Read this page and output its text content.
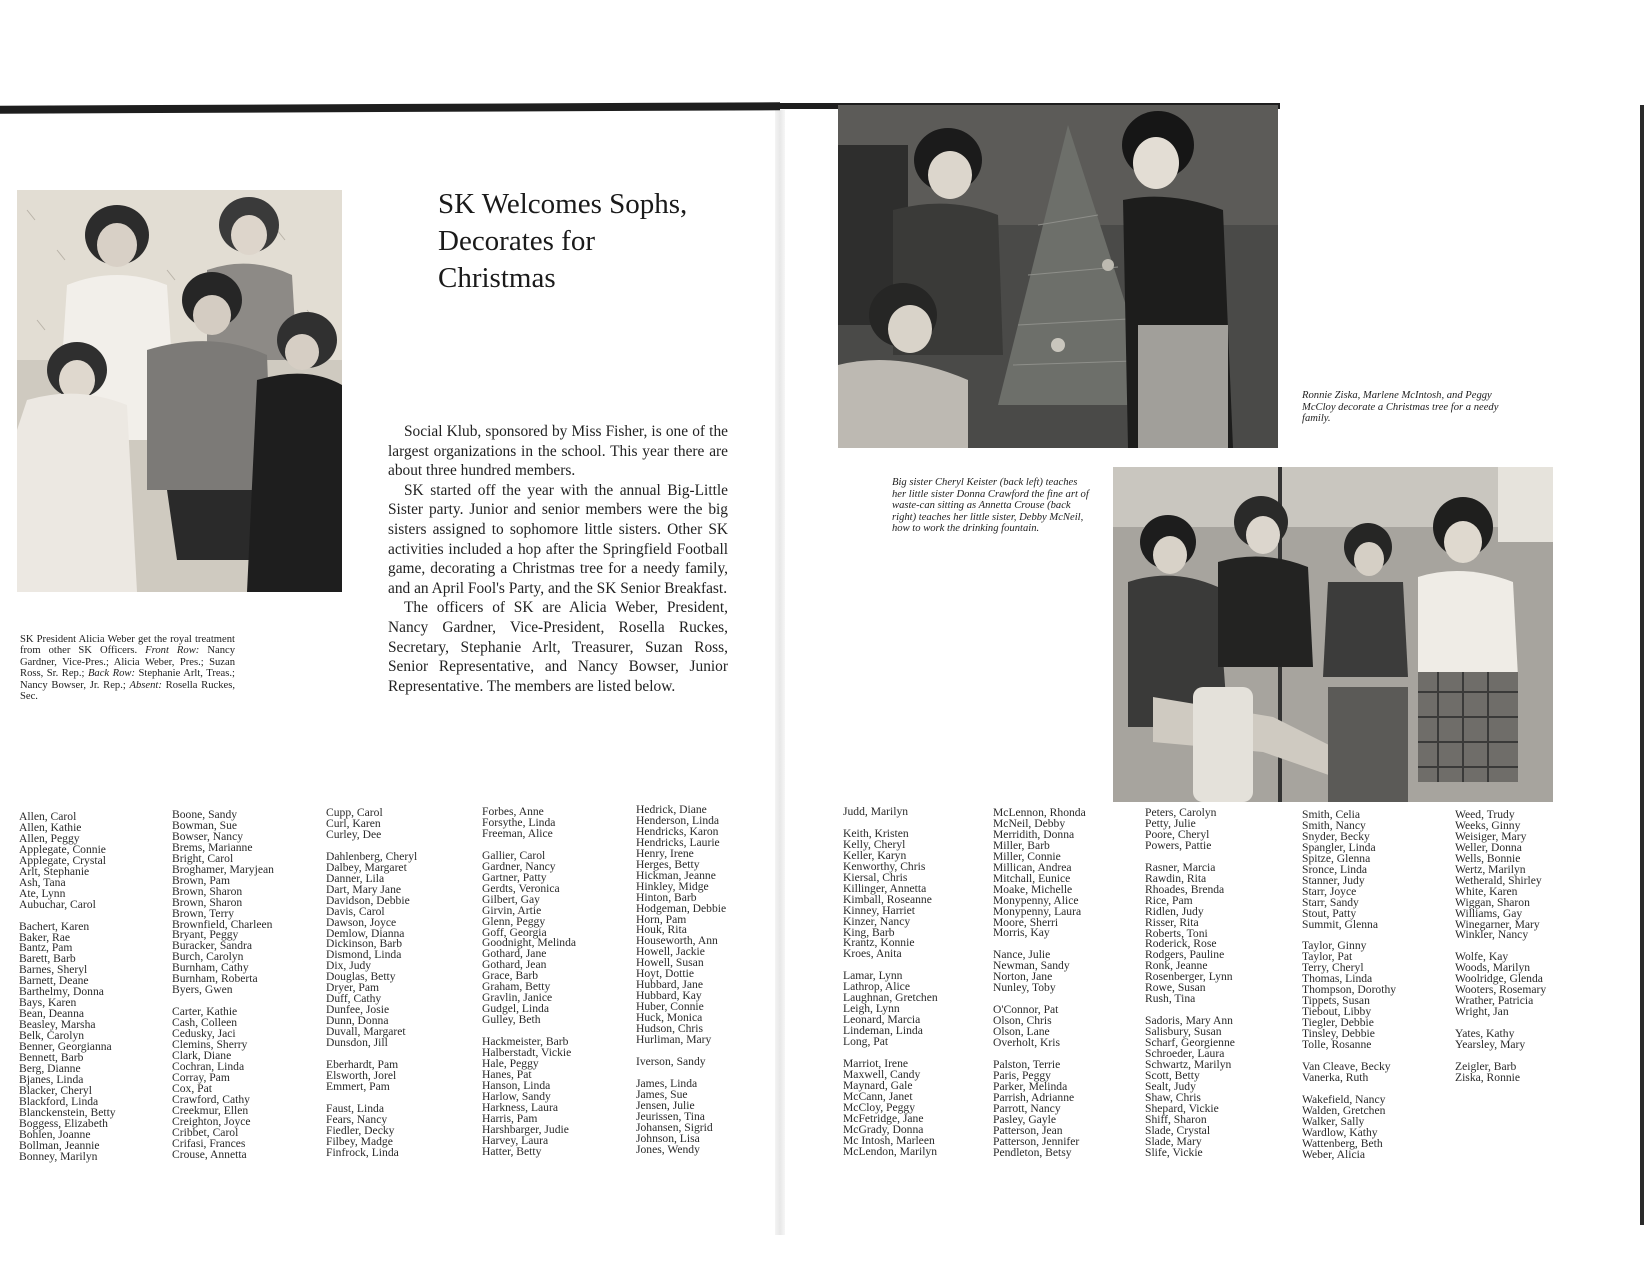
SK Welcomes Sophs,
Decorates for
Christmas

Social Klub, sponsored by Miss Fisher, is one of the largest organizations in the school. This year there are about three hundred members.

SK started off the year with the annual Big-Little Sister party. Junior and senior members were the big sisters assigned to sophomore little sisters. Other SK activities included a hop after the Springfield Football game, decorating a Christmas tree for a needy family, and an April Fool's Party, and the SK Senior Breakfast.

The officers of SK are Alicia Weber, President, Nancy Gardner, Vice-President, Rosella Ruckes, Secretary, Stephanie Arlt, Treasurer, Suzan Ross, Senior Representative, and Nancy Bowser, Junior Representative. The members are listed below.

SK President Alicia Weber get the royal treatment from other SK Officers. Front Row: Nancy Gardner, Vice-Pres.; Alicia Weber, Pres.; Suzan Ross, Sr. Rep.; Back Row: Stephanie Arlt, Treas.; Nancy Bowser, Jr. Rep.; Absent: Rosella Ruckes, Sec.
Ronnie Ziska, Marlene McIntosh, and Peggy McCloy decorate a Christmas tree for a needy family.
Big sister Cheryl Keister (back left) teaches her little sister Donna Crawford the fine art of waste-can sitting as Annetta Crouse (back right) teaches her little sister, Debby McNeil, how to work the drinking fountain.
Allen, Carol
Allen, Kathie
Allen, Peggy
Applegate, Connie
Applegate, Crystal
Arlt, Stephanie
Ash, Tana
Ate, Lynn
Aubuchar, Carol
Bachert, Karen
Baker, Rae
Bantz, Pam
Barett, Barb
Barnes, Sheryl
Barnett, Deane
Barthelmy, Donna
Bays, Karen
Bean, Deanna
Beasley, Marsha
Belk, Carolyn
Benner, Georgianna
Bennett, Barb
Berg, Dianne
Bjanes, Linda
Blacker, Cheryl
Blackford, Linda
Blanckenstein, Betty
Boggess, Elizabeth
Bohlen, Joanne
Bollman, Jeannie
Bonney, Marilyn
Boone, Sandy
Bowman, Sue
Bowser, Nancy
Brems, Marianne
Bright, Carol
Broghamer, Maryjean
Brown, Pam
Brown, Sharon
Brown, Sharon
Brown, Terry
Brownfield, Charleen
Bryant, Peggy
Buracker, Sandra
Burch, Carolyn
Burnham, Cathy
Burnham, Roberta
Byers, Gwen
Carter, Kathie
Cash, Colleen
Cedusky, Jaci
Clemins, Sherry
Clark, Diane
Cochran, Linda
Corray, Pam
Cox, Pat
Crawford, Cathy
Creekmur, Ellen
Creighton, Joyce
Cribbet, Carol
Crifasi, Frances
Crouse, Annetta
Cupp, Carol
Curl, Karen
Curley, Dee
Dahlenberg, Cheryl
Dalbey, Margaret
Danner, Lila
Dart, Mary Jane
Davidson, Debbie
Davis, Carol
Dawson, Joyce
Demlow, Dianna
Dickinson, Barb
Dismond, Linda
Dix, Judy
Douglas, Betty
Dryer, Pam
Duff, Cathy
Dunfee, Josie
Dunn, Donna
Duvall, Margaret
Dunsdon, Jill
Eberhardt, Pam
Elsworth, Jorel
Emmert, Pam
Faust, Linda
Fears, Nancy
Fiedler, Decky
Filbey, Madge
Finfrock, Linda
Forbes, Anne
Forsythe, Linda
Freeman, Alice
Gallier, Carol
Gardner, Nancy
Gartner, Patty
Gerdts, Veronica
Gilbert, Gay
Girvin, Artie
Glenn, Peggy
Goff, Georgia
Goodnight, Melinda
Gothard, Jane
Gothard, Jean
Grace, Barb
Graham, Betty
Gravlin, Janice
Gudgel, Linda
Gulley, Beth
Hackmeister, Barb
Halberstadt, Vickie
Hale, Peggy
Hanes, Pat
Hanson, Linda
Harlow, Sandy
Harkness, Laura
Harris, Pam
Harshbarger, Judie
Harvey, Laura
Hatter, Betty
Hedrick, Diane
Henderson, Linda
Hendricks, Karon
Hendricks, Laurie
Henry, Irene
Herges, Betty
Hickman, Jeanne
Hinkley, Midge
Hinton, Barb
Hodgeman, Debbie
Horn, Pam
Houk, Rita
Houseworth, Ann
Howell, Jackie
Howell, Susan
Hoyt, Dottie
Hubbard, Jane
Hubbard, Kay
Huber, Connie
Huck, Monica
Hudson, Chris
Hurliman, Mary
Iverson, Sandy
James, Linda
James, Sue
Jensen, Julie
Jeurissen, Tina
Johansen, Sigrid
Johnson, Lisa
Jones, Wendy
Judd, Marilyn
Keith, Kristen
Kelly, Cheryl
Keller, Karyn
Kenworthy, Chris
Kiersal, Chris
Killinger, Annetta
Kimball, Roseanne
Kinney, Harriet
Kinzer, Nancy
King, Barb
Krantz, Konnie
Kroes, Anita
Lamar, Lynn
Lathrop, Alice
Laughnan, Gretchen
Leigh, Lynn
Leonard, Marcia
Lindeman, Linda
Long, Pat
Marriot, Irene
Maxwell, Candy
Maynard, Gale
McCann, Janet
McCloy, Peggy
McFetridge, Jane
McGrady, Donna
Mc Intosh, Marleen
McLendon, Marilyn
McLennon, Rhonda
McNeil, Debby
Merridith, Donna
Miller, Barb
Miller, Connie
Millican, Andrea
Mitchall, Eunice
Moake, Michelle
Monypenny, Alice
Monypenny, Laura
Moore, Sherri
Morris, Kay
Nance, Julie
Newman, Sandy
Norton, Jane
Nunley, Toby
O'Connor, Pat
Olson, Chris
Olson, Lane
Overholt, Kris
Palston, Terrie
Paris, Peggy
Parker, Melinda
Parrish, Adrianne
Parrott, Nancy
Pasley, Gayle
Patterson, Jean
Patterson, Jennifer
Pendleton, Betsy
Peters, Carolyn
Petty, Julie
Poore, Cheryl
Powers, Pattie
Rasner, Marcia
Rawdin, Rita
Rhoades, Brenda
Rice, Pam
Ridlen, Judy
Risser, Rita
Roberts, Toni
Roderick, Rose
Rodgers, Pauline
Ronk, Jeanne
Rosenberger, Lynn
Rowe, Susan
Rush, Tina
Sadoris, Mary Ann
Salisbury, Susan
Scharf, Georgienne
Schroeder, Laura
Schwartz, Marilyn
Scott, Betty
Sealt, Judy
Shaw, Chris
Shepard, Vickie
Shiff, Sharon
Slade, Crystal
Slade, Mary
Slife, Vickie
Smith, Celia
Smith, Nancy
Snyder, Becky
Spangler, Linda
Spitze, Glenna
Sronce, Linda
Stanner, Judy
Starr, Joyce
Starr, Sandy
Stout, Patty
Summit, Glenna
Taylor, Ginny
Taylor, Pat
Terry, Cheryl
Thomas, Linda
Thompson, Dorothy
Tippets, Susan
Tiebout, Libby
Tiegler, Debbie
Tinsley, Debbie
Tolle, Rosanne
Van Cleave, Becky
Vanerka, Ruth
Wakefield, Nancy
Walden, Gretchen
Walker, Sally
Wardlow, Kathy
Wattenberg, Beth
Weber, Alicia
Weed, Trudy
Weeks, Ginny
Weisiger, Mary
Weller, Donna
Wells, Bonnie
Wertz, Marilyn
Wetherald, Shirley
White, Karen
Wiggan, Sharon
Williams, Gay
Winegarner, Mary
Winkler, Nancy
Wolfe, Kay
Woods, Marilyn
Woolridge, Glenda
Wooters, Rosemary
Wrather, Patricia
Wright, Jan
Yates, Kathy
Yearsley, Mary
Zeigler, Barb
Ziska, Ronnie
